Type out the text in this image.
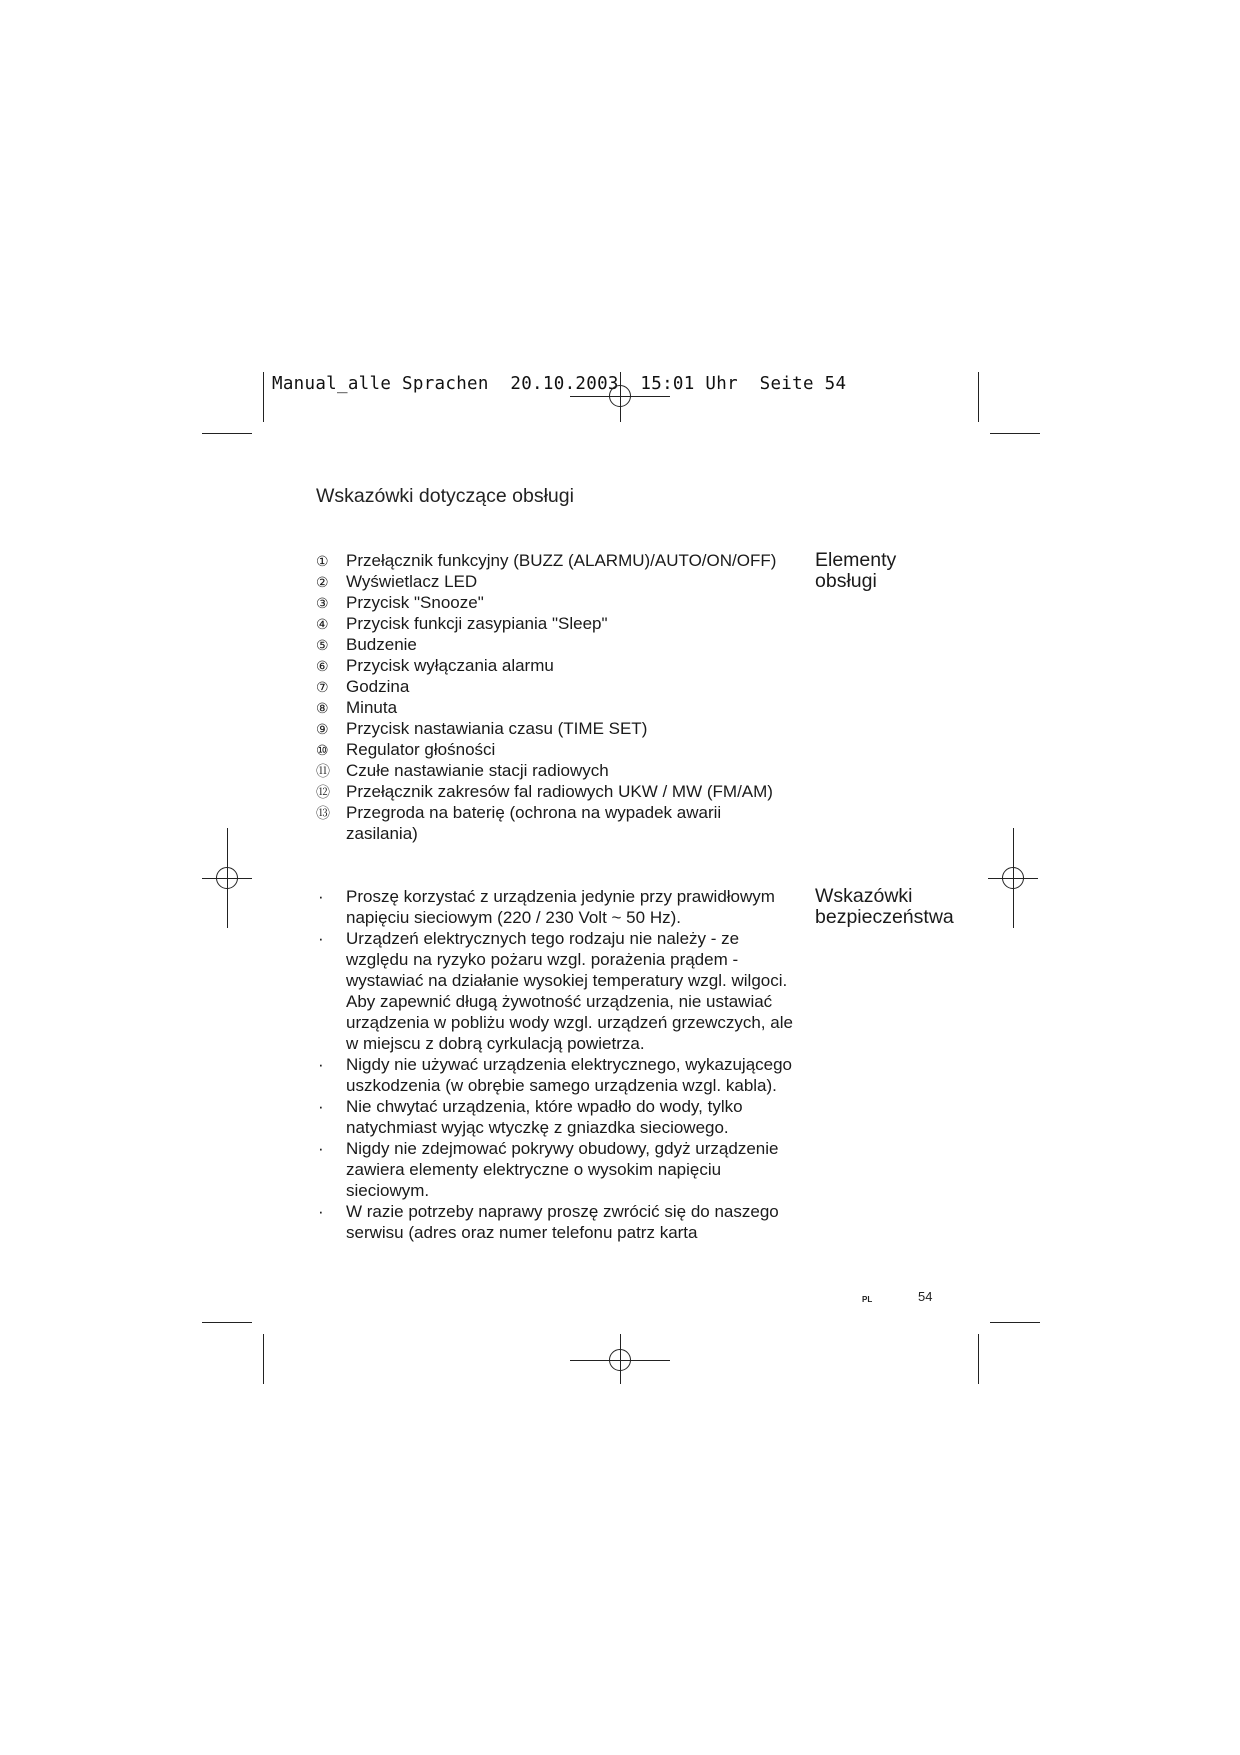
Manual_alle Sprachen 20.10.2003 15:01 Uhr Seite 54
Wskazówki dotyczące obsługi
① Przełącznik funkcyjny (BUZZ (ALARMU)/AUTO/ON/OFF)
② Wyświetlacz LED
③ Przycisk "Snooze"
④ Przycisk funkcji zasypiania "Sleep"
⑤ Budzenie
⑥ Przycisk wyłączania alarmu
⑦ Godzina
⑧ Minuta
⑨ Przycisk nastawiania czasu (TIME SET)
⑩ Regulator głośności
⑪ Czułe nastawianie stacji radiowych
⑫ Przełącznik zakresów fal radiowych UKW / MW (FM/AM)
⑬ Przegroda na baterię (ochrona na wypadek awarii zasilania)
Elementy
obsługi
· Proszę korzystać z urządzenia jedynie przy prawidłowym napięciu sieciowym (220 / 230 Volt ~ 50 Hz).
· Urządzeń elektrycznych tego rodzaju nie należy - ze względu na ryzyko pożaru wzgl. porażenia prądem - wystawiać na działanie wysokiej temperatury wzgl. wilgoci. Aby zapewnić długą żywotność urządzenia, nie ustawiać urządzenia w pobliżu wody wzgl. urządzeń grzewczych, ale w miejscu z dobrą cyrkulacją powietrza.
· Nigdy nie używać urządzenia elektrycznego, wykazującego uszkodzenia (w obrębie samego urządzenia wzgl. kabla).
· Nie chwytać urządzenia, które wpadło do wody, tylko natychmiast wyjąc wtyczkę z gniazdka sieciowego.
· Nigdy nie zdejmować pokrywy obudowy, gdyż urządzenie zawiera elementy elektryczne o wysokim napięciu sieciowym.
· W razie potrzeby naprawy proszę zwrócić się do naszego serwisu (adres oraz numer telefonu patrz karta
Wskazówki
bezpieczeństwa
PL	54
